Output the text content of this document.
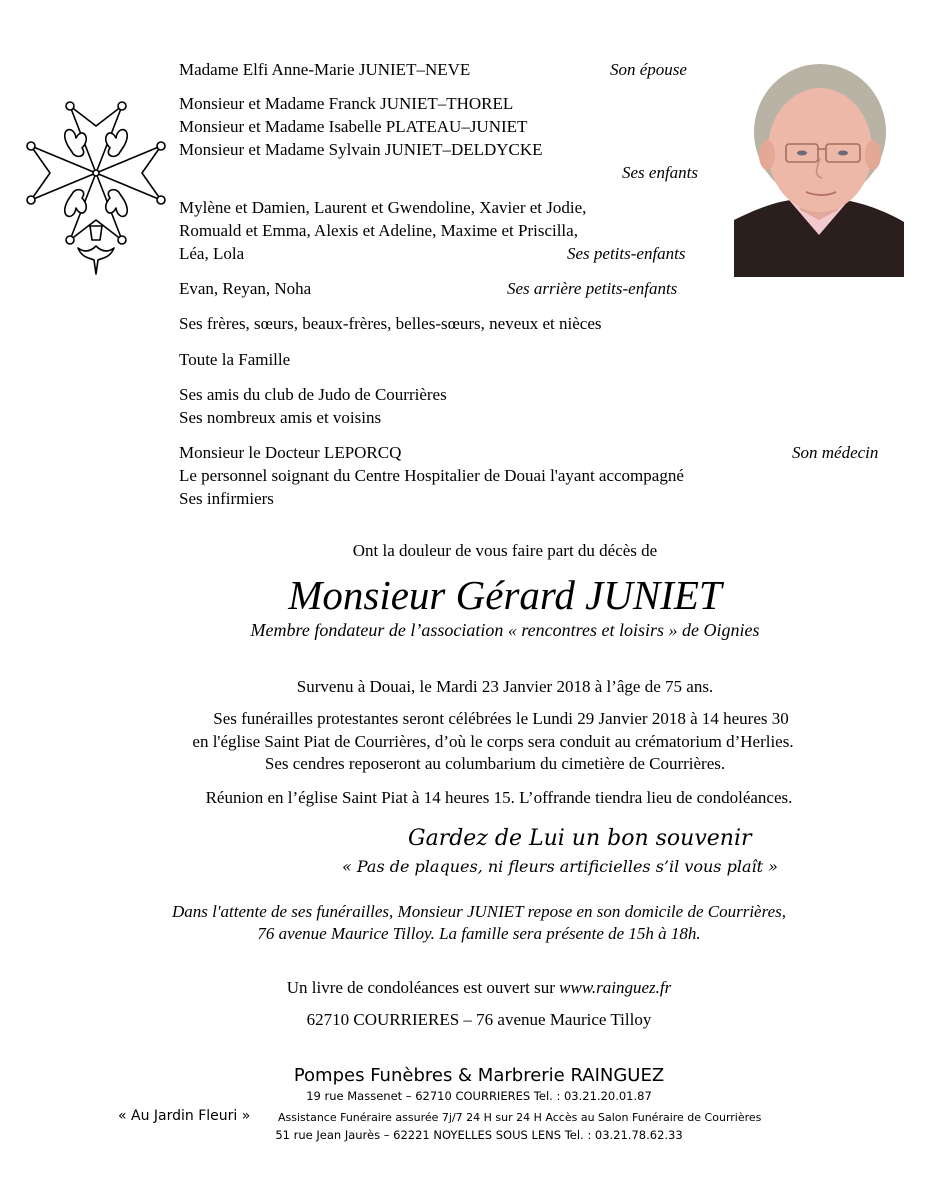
Madame Elfi Anne-Marie JUNIET–NEVE	Son épouse
Monsieur et Madame Franck JUNIET–THOREL
Monsieur et Madame Isabelle PLATEAU–JUNIET
Monsieur et Madame Sylvain JUNIET–DELDYCKE
Ses enfants
Mylène et Damien, Laurent et Gwendoline, Xavier et Jodie,
Romuald et Emma, Alexis et Adeline, Maxime et Priscilla,
Léa, Lola	Ses petits-enfants
Evan, Reyan, Noha	Ses arrière petits-enfants
Ses frères, sœurs, beaux-frères, belles-sœurs, neveux et nièces
Toute la Famille
Ses amis du club de Judo de Courrières
Ses nombreux amis et voisins
Monsieur le Docteur LEPORCQ	Son médecin
Le personnel soignant du Centre Hospitalier de Douai l'ayant accompagné
Ses infirmiers
Ont la douleur de vous faire part du décès de
Monsieur Gérard JUNIET
Membre fondateur de l’association « rencontres et loisirs » de Oignies
Survenu à Douai, le Mardi 23 Janvier 2018 à l’âge de 75 ans.
Ses funérailles protestantes seront célébrées le Lundi 29 Janvier 2018 à 14 heures 30
en l'église Saint Piat de Courrières, d’où le corps sera conduit au crématorium d’Herlies.
Ses cendres reposeront au columbarium du cimetière de Courrières.
Réunion en l’église Saint Piat à 14 heures 15. L’offrande tiendra lieu de condoléances.
Gardez de Lui un bon souvenir
« Pas de plaques, ni fleurs artificielles s’il vous plaît »
Dans l'attente de ses funérailles, Monsieur JUNIET repose en son domicile de Courrières,
76 avenue Maurice Tilloy. La famille sera présente de 15h à 18h.
Un livre de condoléances est ouvert sur www.rainguez.fr
62710 COURRIERES – 76 avenue Maurice Tilloy
Pompes Funèbres & Marbrerie RAINGUEZ
19 rue Massenet – 62710 COURRIERES Tel. : 03.21.20.01.87
« Au Jardin Fleuri »	Assistance Funéraire assurée 7j/7 24 H sur 24 H Accès au Salon Funéraire de Courrières
51 rue Jean Jaurès – 62221 NOYELLES SOUS LENS Tel. : 03.21.78.62.33
